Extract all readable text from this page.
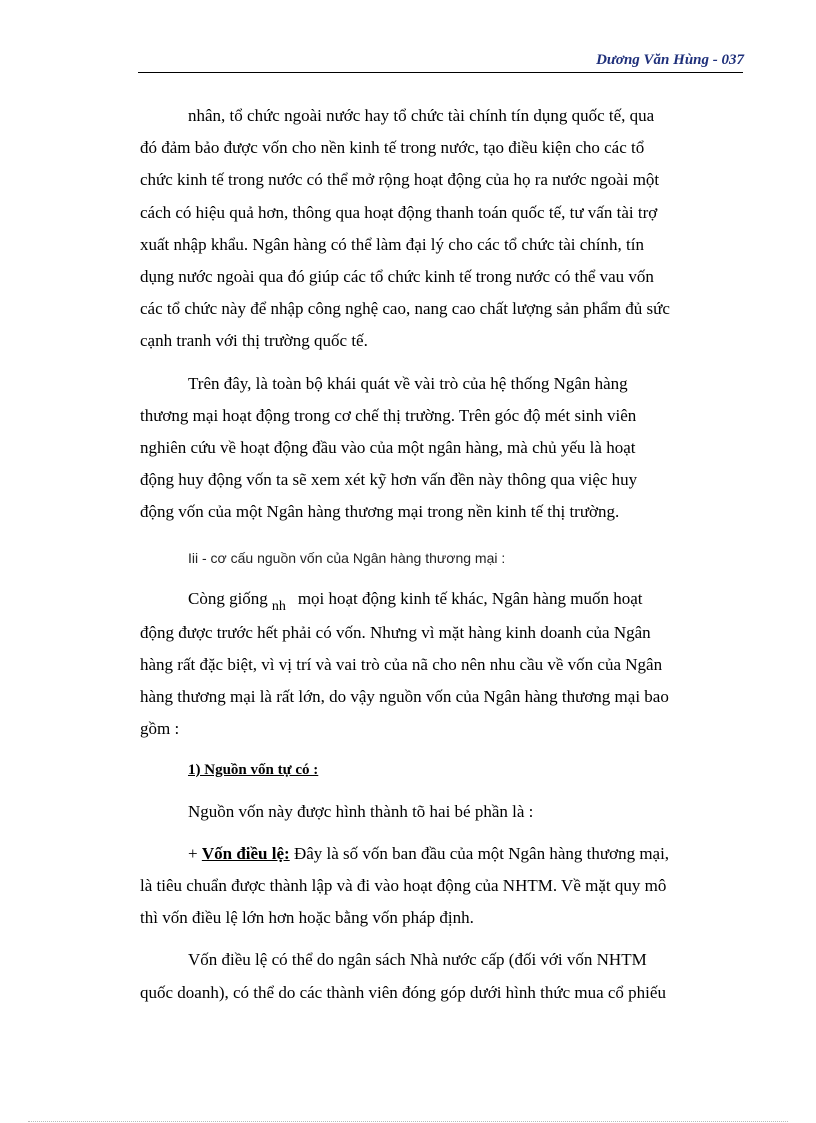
Dương Văn Hùng - 037
nhân, tổ chức ngoài nước hay tổ chức tài chính tín dụng quốc tế, qua
đó đảm bảo được vốn cho nền kinh tế trong nước, tạo điều kiện cho các tổ
chức kinh tế trong nước có thể mở rộng hoạt động của họ ra nước ngoài một
cách có hiệu quả hơn, thông qua hoạt động thanh toán quốc tế, tư vấn tài trợ
xuất nhập khẩu. Ngân hàng có thể làm đại lý cho các tổ chức tài chính, tín
dụng nước ngoài qua đó giúp các tổ chức kinh tế trong nước có thể vau vốn
các tổ chức này để nhập công nghệ cao, nang cao chất lượng sản phẩm đủ sức
cạnh tranh với thị trường quốc tế.
Trên đây, là toàn bộ khái quát về vài trò của hệ thống Ngân hàng
thương mại hoạt động trong cơ chế thị trường. Trên góc độ mét sinh viên
nghiên cứu về hoạt động đầu vào của một ngân hàng, mà chủ yếu là hoạt
động huy động vốn ta sẽ xem xét kỹ hơn vấn đền này thông qua việc huy
động vốn của một Ngân hàng thương mại trong nền kinh tế thị trường.
Iii - cơ cấu nguồn vốn của Ngân hàng thương mại :
Còng giống $_{nh}$ mọi hoạt động kinh tế khác, Ngân hàng muốn hoạt
động được trước hết phải có vốn. Nhưng vì mặt hàng kinh doanh của Ngân
hàng rất đặc biệt, vì vị trí và vai trò của nã cho nên nhu cầu về vốn của Ngân
hàng thương mại là rất lớn, do vậy nguồn vốn của Ngân hàng thương mại bao
gồm :
1) Nguồn vốn tự có :
Nguồn vốn này được hình thành tõ hai bé phần là :
+ Vốn điều lệ: Đây là số vốn ban đầu của một Ngân hàng thương mại,
là tiêu chuẩn được thành lập và đi vào hoạt động của NHTM. Về mặt quy mô
thì vốn điều lệ lớn hơn hoặc bằng vốn pháp định.
Vốn điều lệ có thể do ngân sách Nhà nước cấp (đối với vốn NHTM
quốc doanh), có thể do các thành viên đóng góp dưới hình thức mua cổ phiếu
